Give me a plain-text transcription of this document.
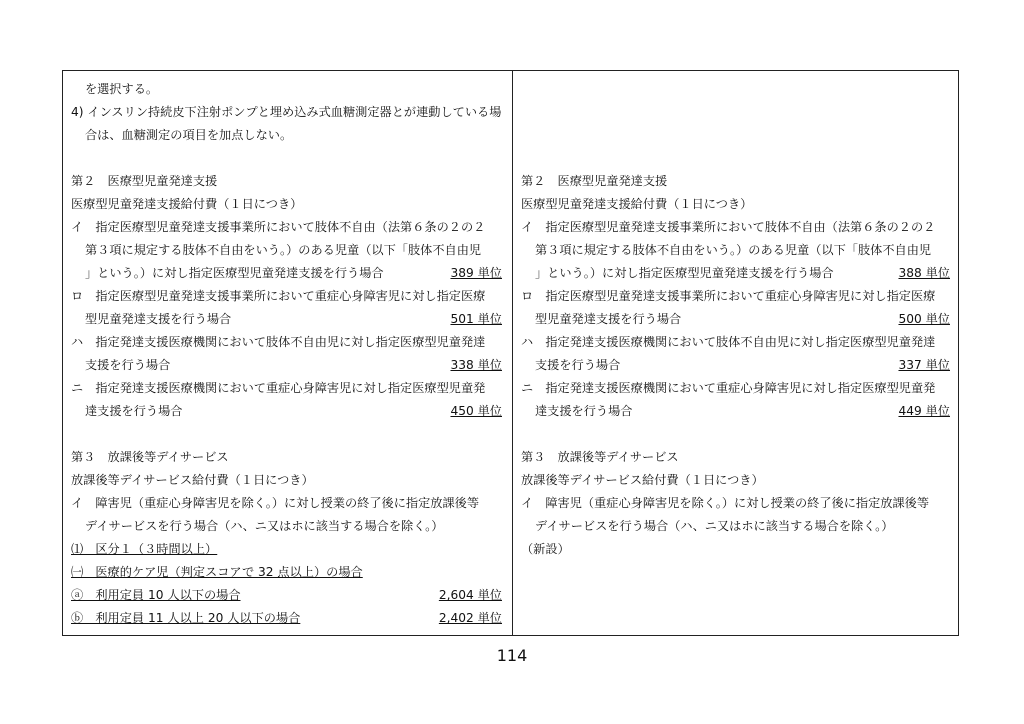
を選択する。
4) インスリン持続皮下注射ポンプと埋め込み式血糖測定器とが連動している場
合は、血糖測定の項目を加点しない。
第２　医療型児童発達支援
医療型児童発達支援給付費（１日につき）
イ　指定医療型児童発達支援事業所において肢体不自由（法第６条の２の２
第３項に規定する肢体不自由をいう。）のある児童（以下「肢体不自由児
」という。）に対し指定医療型児童発達支援を行う場合	389 単位
ロ　指定医療型児童発達支援事業所において重症心身障害児に対し指定医療
型児童発達支援を行う場合	501 単位
ハ　指定発達支援医療機関において肢体不自由児に対し指定医療型児童発達
支援を行う場合	338 単位
ニ　指定発達支援医療機関において重症心身障害児に対し指定医療型児童発
達支援を行う場合	450 単位
第３　放課後等デイサービス
放課後等デイサービス給付費（１日につき）
イ　障害児（重症心身障害児を除く。）に対し授業の終了後に指定放課後等
デイサービスを行う場合（ハ、ニ又はホに該当する場合を除く。）
⑴　区分１（３時間以上）
㈠　医療的ケア児（判定スコアで 32 点以上）の場合
ⓐ　利用定員 10 人以下の場合	2,604 単位
ⓑ　利用定員 11 人以上 20 人以下の場合	2,402 単位
第２　医療型児童発達支援
医療型児童発達支援給付費（１日につき）
イ　指定医療型児童発達支援事業所において肢体不自由（法第６条の２の２
第３項に規定する肢体不自由をいう。）のある児童（以下「肢体不自由児
」という。）に対し指定医療型児童発達支援を行う場合	388 単位
ロ　指定医療型児童発達支援事業所において重症心身障害児に対し指定医療
型児童発達支援を行う場合	500 単位
ハ　指定発達支援医療機関において肢体不自由児に対し指定医療型児童発達
支援を行う場合	337 単位
ニ　指定発達支援医療機関において重症心身障害児に対し指定医療型児童発
達支援を行う場合	449 単位
第３　放課後等デイサービス
放課後等デイサービス給付費（１日につき）
イ　障害児（重症心身障害児を除く。）に対し授業の終了後に指定放課後等
デイサービスを行う場合（ハ、ニ又はホに該当する場合を除く。）
（新設）
114
